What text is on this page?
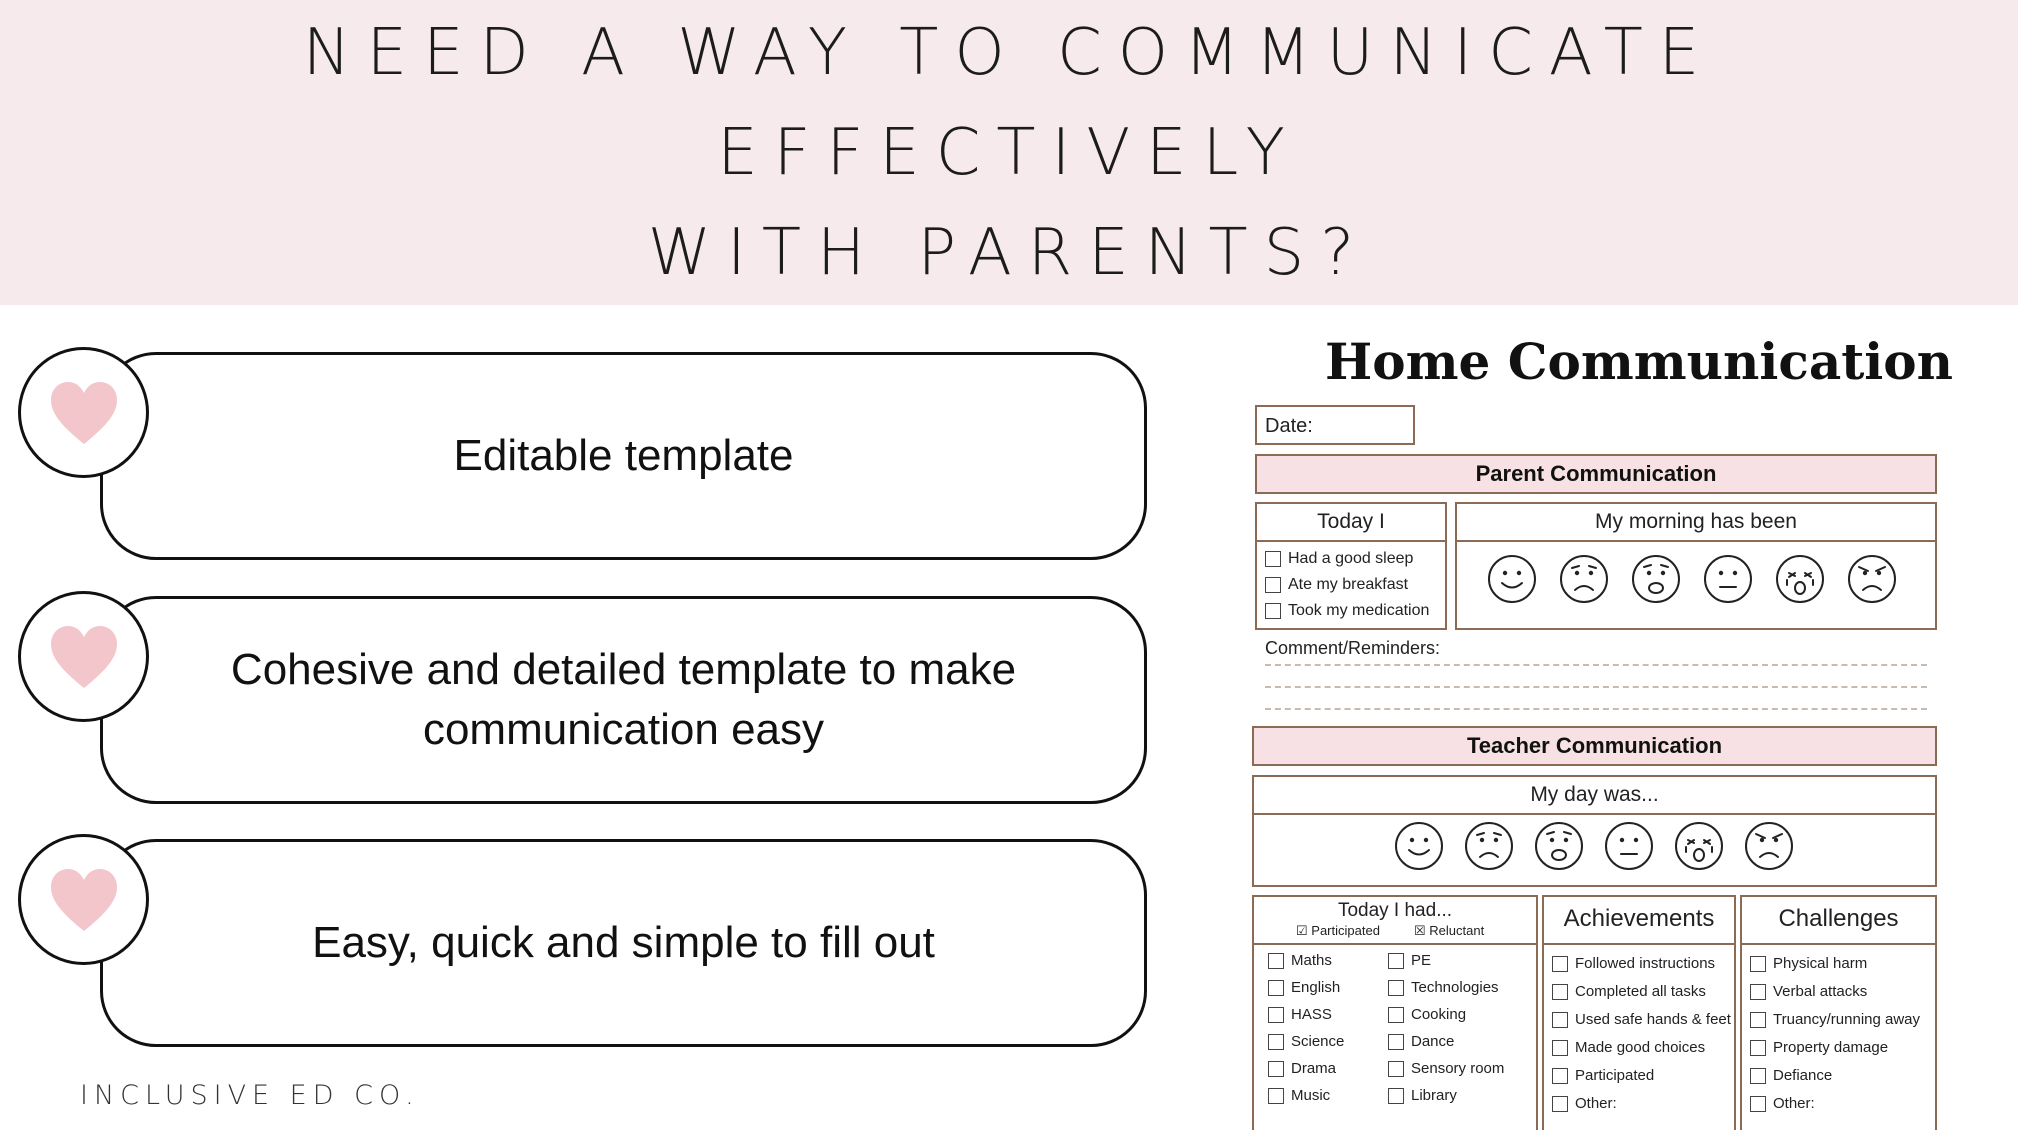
NEED A WAY TO COMMUNICATE EFFECTIVELY
WITH PARENTS?
Editable template
Cohesive and detailed template to make communication easy
Easy, quick and simple to fill out
INCLUSIVE ED CO.
Home Communication
Date:
Parent Communication
Today I
Had a good sleep
Ate my breakfast
Took my medication
My morning has been
Comment/Reminders:
Teacher Communication
My day was...
Today I had...
☑ Participated	☒ Reluctant
Maths
English
HASS
Science
Drama
Music
PE
Technologies
Cooking
Dance
Sensory room
Library
Achievements
Followed instructions
Completed all tasks
Used safe hands & feet
Made good choices
Participated
Other:
Challenges
Physical harm
Verbal attacks
Truancy/running away
Property damage
Defiance
Other:
